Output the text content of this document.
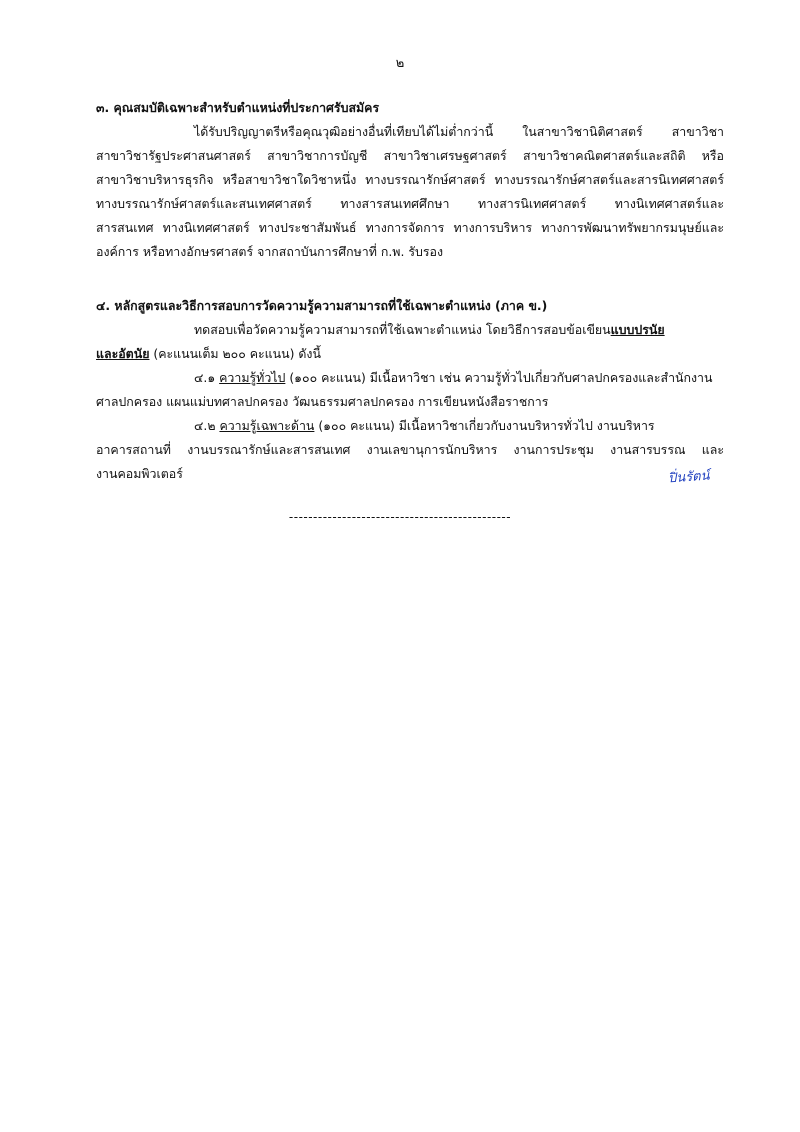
๒
๓. คุณสมบัติเฉพาะสำหรับตำแหน่งที่ประกาศรับสมัคร
ได้รับปริญญาตรีหรือคุณวุฒิอย่างอื่นที่เทียบได้ไม่ต่ำกว่านี้ ในสาขาวิชานิติศาสตร์ สาขาวิชา
สาขาวิชารัฐประศาสนศาสตร์ สาขาวิชาการบัญชี สาขาวิชาเศรษฐศาสตร์ สาขาวิชาคณิตศาสตร์และสถิติ หรือ
สาขาวิชาบริหารธุรกิจ หรือสาขาวิชาใดวิชาหนึ่ง ทางบรรณารักษ์ศาสตร์ ทางบรรณารักษ์ศาสตร์และสารนิเทศศาสตร์
ทางบรรณารักษ์ศาสตร์และสนเทศศาสตร์ ทางสารสนเทศศึกษา ทางสารนิเทศศาสตร์ ทางนิเทศศาสตร์และ
สารสนเทศ ทางนิเทศศาสตร์ ทางประชาสัมพันธ์ ทางการจัดการ ทางการบริหาร ทางการพัฒนาทรัพยากรมนุษย์และ
องค์การ หรือทางอักษรศาสตร์ จากสถาบันการศึกษาที่ ก.พ. รับรอง
๔. หลักสูตรและวิธีการสอบการวัดความรู้ความสามารถที่ใช้เฉพาะตำแหน่ง (ภาค ข.)
ทดสอบเพื่อวัดความรู้ความสามารถที่ใช้เฉพาะตำแหน่ง โดยวิธีการสอบข้อเขียนแบบปรนัย
และอัตนัย (คะแนนเต็ม ๒๐๐ คะแนน) ดังนี้
๔.๑ ความรู้ทั่วไป (๑๐๐ คะแนน) มีเนื้อหาวิชา เช่น ความรู้ทั่วไปเกี่ยวกับศาลปกครองและสำนักงาน
ศาลปกครอง แผนแม่บทศาลปกครอง วัฒนธรรมศาลปกครอง การเขียนหนังสือราชการ
๔.๒ ความรู้เฉพาะด้าน (๑๐๐ คะแนน) มีเนื้อหาวิชาเกี่ยวกับงานบริหารทั่วไป งานบริหาร
อาคารสถานที่ งานบรรณารักษ์และสารสนเทศ งานเลขานุการนักบริหาร งานการประชุม งานสารบรรณ และ
งานคอมพิวเตอร์	ปิ่นรัตน์
----------------------------------------------
